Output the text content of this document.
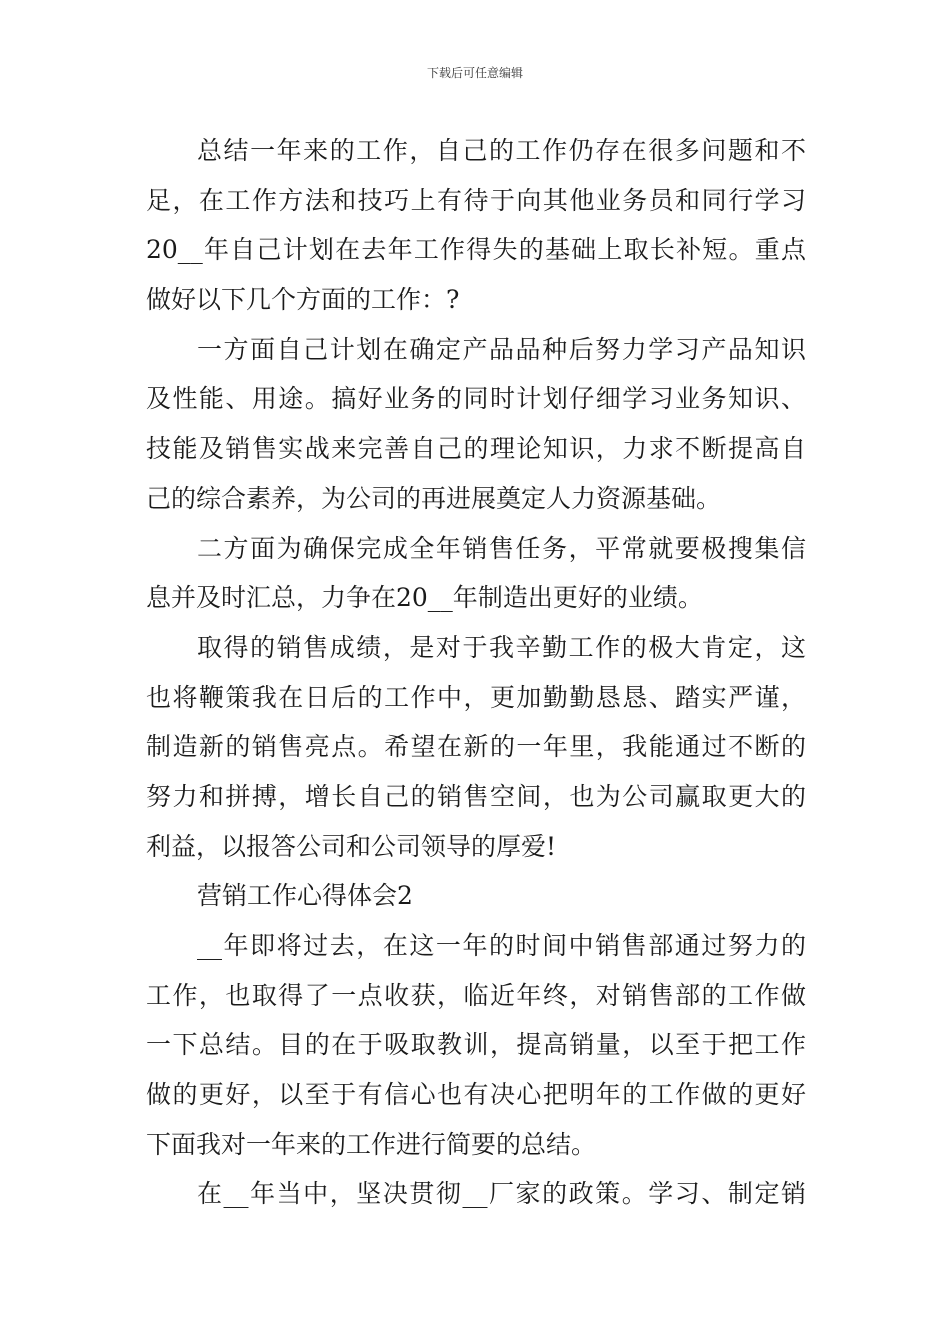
下载后可任意编辑
总结一年来的工作，自己的工作仍存在很多问题和不
足，在工作方法和技巧上有待于向其他业务员和同行学习
20__年自己计划在去年工作得失的基础上取长补短。重点
做好以下几个方面的工作：?
一方面自己计划在确定产品品种后努力学习产品知识
及性能、用途。搞好业务的同时计划仔细学习业务知识、
技能及销售实战来完善自己的理论知识，力求不断提高自
己的综合素养，为公司的再进展奠定人力资源基础。
二方面为确保完成全年销售任务，平常就要极搜集信
息并及时汇总，力争在20__年制造出更好的业绩。
取得的销售成绩，是对于我辛勤工作的极大肯定，这
也将鞭策我在日后的工作中，更加勤勤恳恳、踏实严谨，
制造新的销售亮点。希望在新的一年里，我能通过不断的
努力和拼搏，增长自己的销售空间，也为公司赢取更大的
利益，以报答公司和公司领导的厚爱!
营销工作心得体会2
__年即将过去，在这一年的时间中销售部通过努力的
工作，也取得了一点收获，临近年终，对销售部的工作做
一下总结。目的在于吸取教训，提高销量，以至于把工作
做的更好，以至于有信心也有决心把明年的工作做的更好
下面我对一年来的工作进行简要的总结。
在__年当中，坚决贯彻__厂家的政策。学习、制定销
